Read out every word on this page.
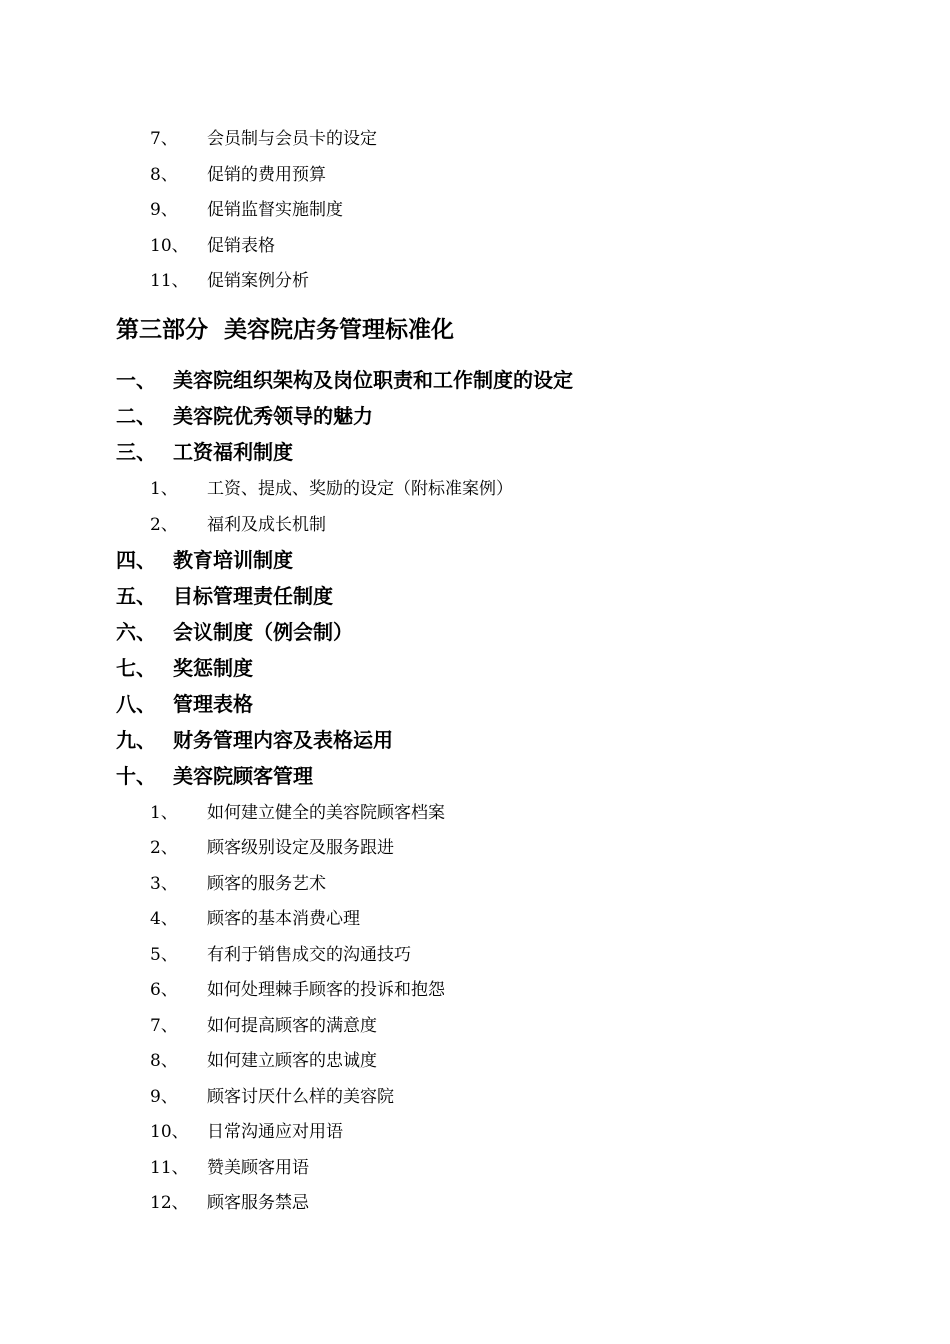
7、	会员制与会员卡的设定
8、	促销的费用预算
9、	促销监督实施制度
10、	促销表格
11、	促销案例分析
第三部分  美容院店务管理标准化
一、 美容院组织架构及岗位职责和工作制度的设定
二、 美容院优秀领导的魅力
三、 工资福利制度
1、	工资、提成、奖励的设定（附标准案例）
2、	福利及成长机制
四、 教育培训制度
五、 目标管理责任制度
六、 会议制度（例会制）
七、 奖惩制度
八、 管理表格
九、 财务管理内容及表格运用
十、 美容院顾客管理
1、	如何建立健全的美容院顾客档案
2、	顾客级别设定及服务跟进
3、	顾客的服务艺术
4、	顾客的基本消费心理
5、	有利于销售成交的沟通技巧
6、	如何处理棘手顾客的投诉和抱怨
7、	如何提高顾客的满意度
8、	如何建立顾客的忠诚度
9、	顾客讨厌什么样的美容院
10、	日常沟通应对用语
11、	赞美顾客用语
12、	顾客服务禁忌
